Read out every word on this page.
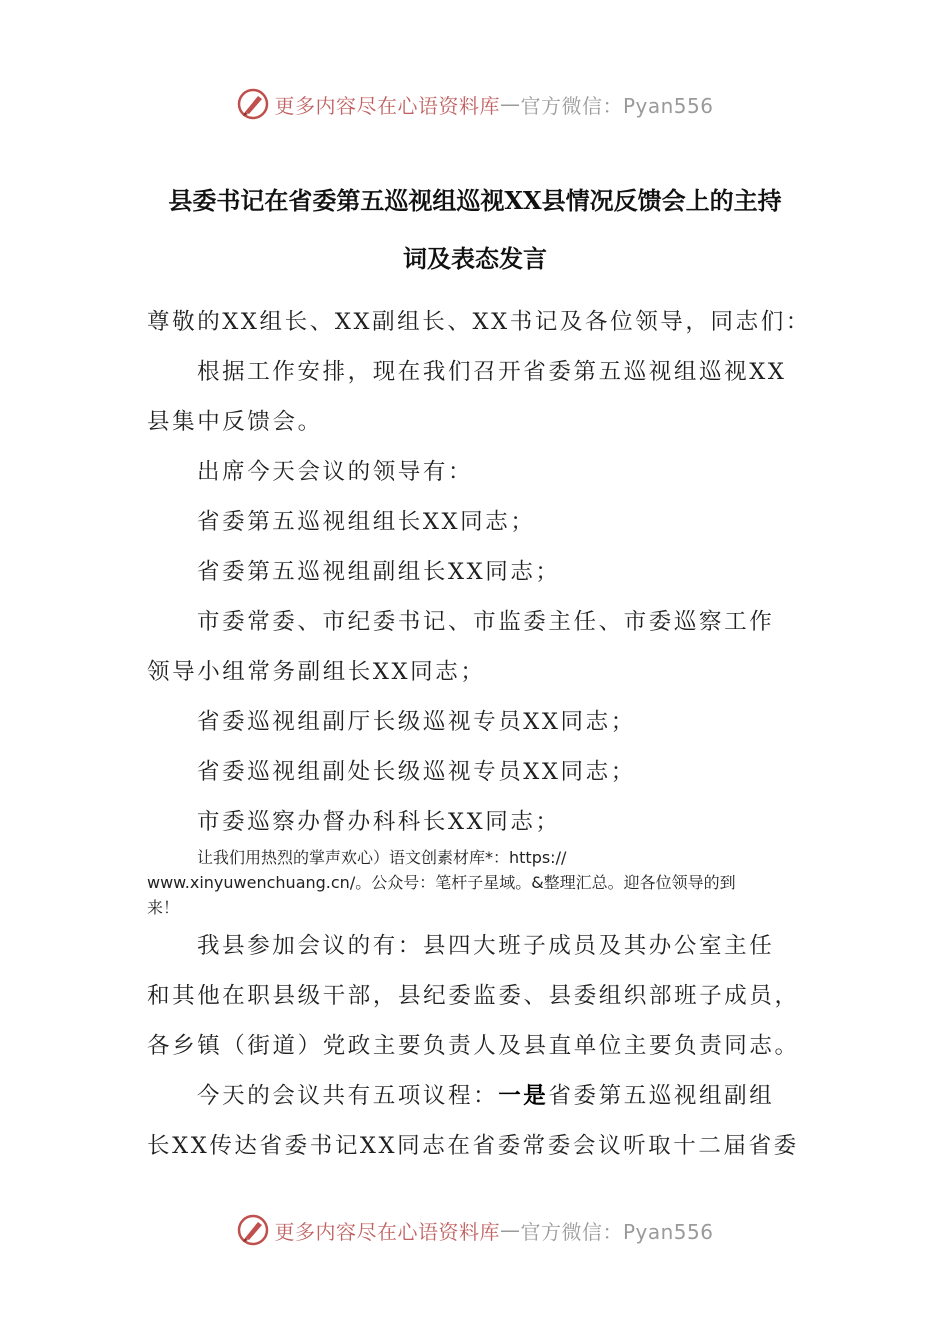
更多内容尽在心语资料库 — 官方微信：Pyan556
县委书记在省委第五巡视组巡视XX县情况反馈会上的主持
词及表态发言
尊敬的XX组长、XX副组长、XX书记及各位领导，同志们：
根据工作安排，现在我们召开省委第五巡视组巡视XX
县集中反馈会。
出席今天会议的领导有：
省委第五巡视组组长XX同志；
省委第五巡视组副组长XX同志；
市委常委、市纪委书记、市监委主任、市委巡察工作
领导小组常务副组长XX同志；
省委巡视组副厅长级巡视专员XX同志；
省委巡视组副处长级巡视专员XX同志；
市委巡察办督办科科长XX同志；
让我们用热烈的掌声欢心）语文创素材库*：https://
www.xinyuwenchuang.cn/。公众号：笔杆子星域。&整理汇总。迎各位领导的到
来！
我县参加会议的有：县四大班子成员及其办公室主任
和其他在职县级干部，县纪委监委、县委组织部班子成员，
各乡镇（街道）党政主要负责人及县直单位主要负责同志。
今天的会议共有五项议程：一是省委第五巡视组副组
长XX传达省委书记XX同志在省委常委会议听取十二届省委
更多内容尽在心语资料库 — 官方微信：Pyan556
